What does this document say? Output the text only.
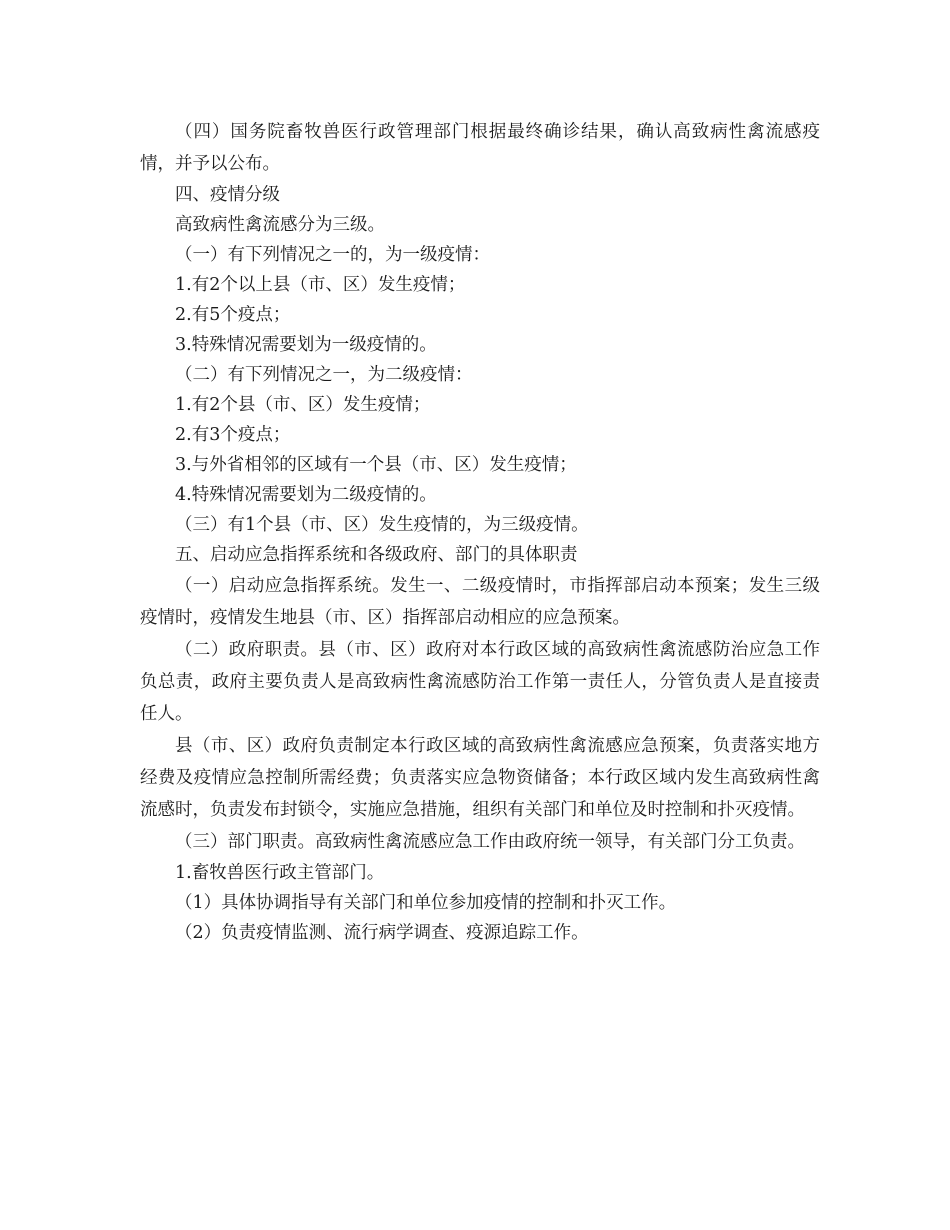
（四）国务院畜牧兽医行政管理部门根据最终确诊结果，确认高致病性禽流感疫情，并予以公布。

四、疫情分级

高致病性禽流感分为三级。

（一）有下列情况之一的，为一级疫情：

1.有2个以上县（市、区）发生疫情；

2.有5个疫点；

3.特殊情况需要划为一级疫情的。

（二）有下列情况之一，为二级疫情：

1.有2个县（市、区）发生疫情；

2.有3个疫点；

3.与外省相邻的区域有一个县（市、区）发生疫情；

4.特殊情况需要划为二级疫情的。

（三）有1个县（市、区）发生疫情的，为三级疫情。

五、启动应急指挥系统和各级政府、部门的具体职责

（一）启动应急指挥系统。发生一、二级疫情时，市指挥部启动本预案；发生三级疫情时，疫情发生地县（市、区）指挥部启动相应的应急预案。

（二）政府职责。县（市、区）政府对本行政区域的高致病性禽流感防治应急工作负总责，政府主要负责人是高致病性禽流感防治工作第一责任人，分管负责人是直接责任人。

县（市、区）政府负责制定本行政区域的高致病性禽流感应急预案，负责落实地方经费及疫情应急控制所需经费；负责落实应急物资储备；本行政区域内发生高致病性禽流感时，负责发布封锁令，实施应急措施，组织有关部门和单位及时控制和扑灭疫情。

（三）部门职责。高致病性禽流感应急工作由政府统一领导，有关部门分工负责。

1.畜牧兽医行政主管部门。

（1）具体协调指导有关部门和单位参加疫情的控制和扑灭工作。

（2）负责疫情监测、流行病学调查、疫源追踪工作。
